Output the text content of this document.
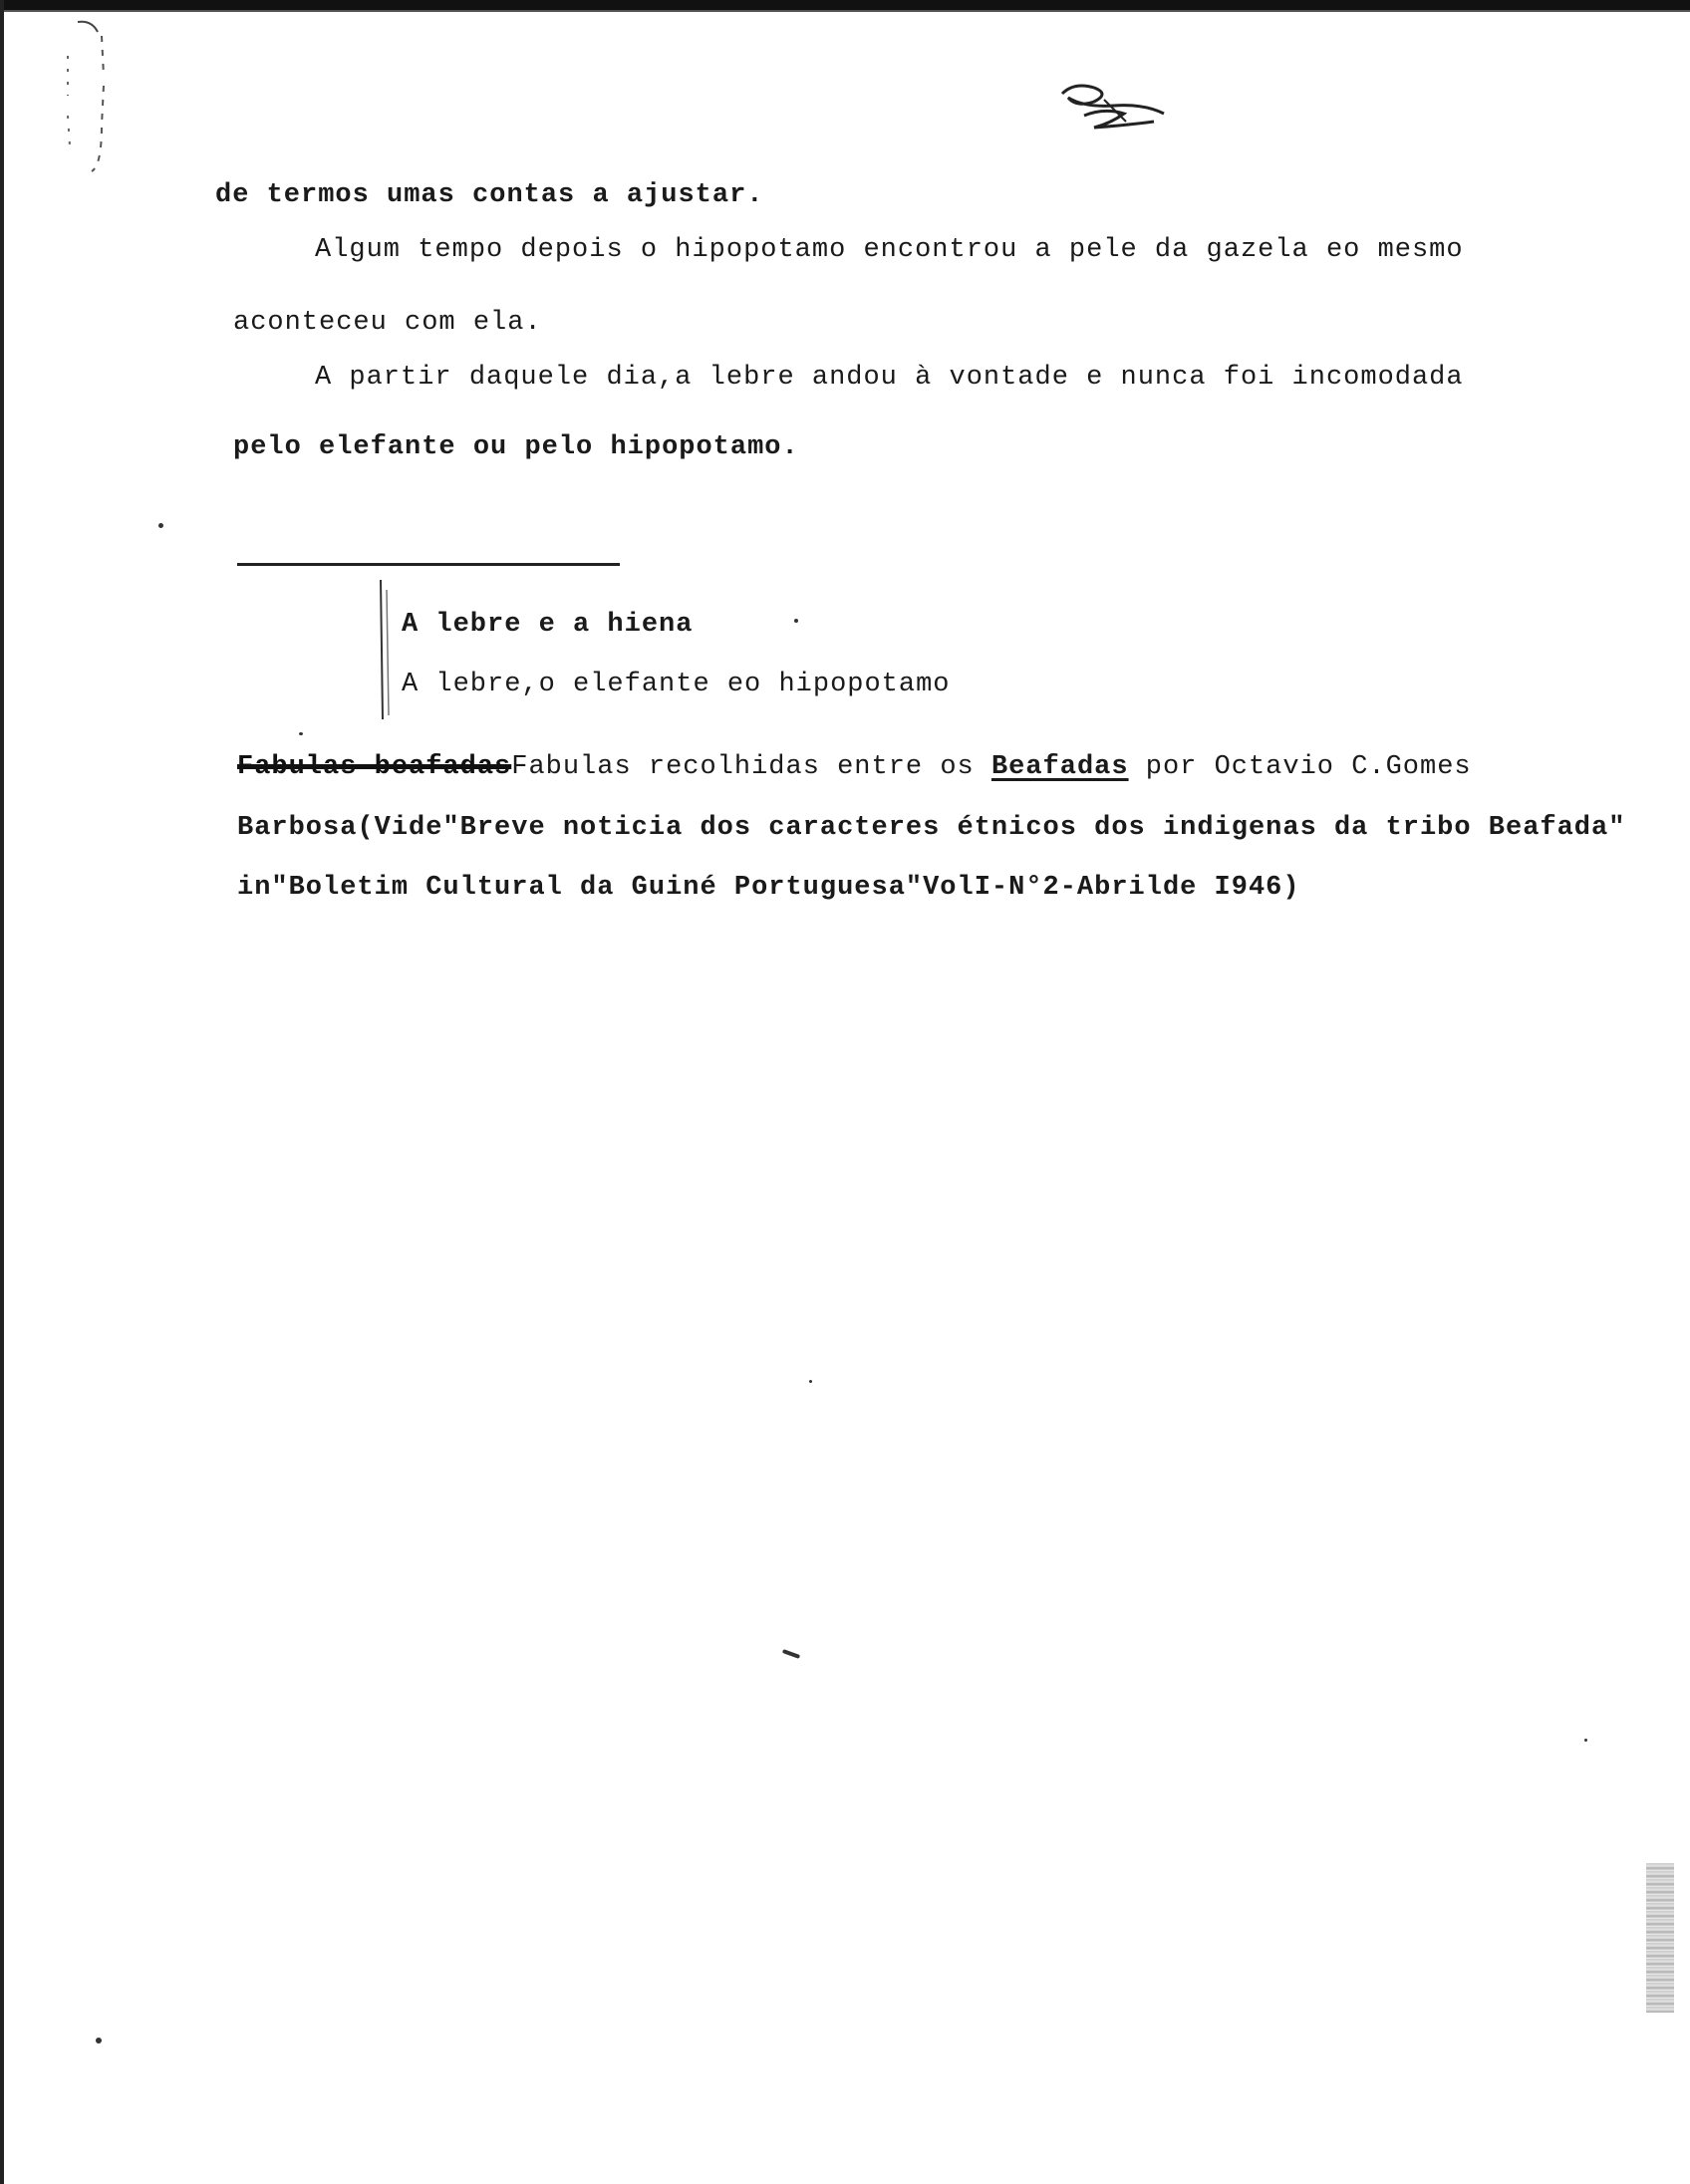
de termos umas contas a ajustar.
Algum tempo depois o hipopotamo encontrou a pele da gazela eo mesmo
aconteceu com ela.
A partir daquele dia,a lebre andou à vontade e nunca foi incomodada
pelo elefante ou pelo hipopotamo.
A lebre e a hiena
A lebre,o elefante eo hipopotamo
Fabulas beafadasFabulas recolhidas entre os Beafadas por Octavio C.Gomes
Barbosa(Vide"Breve noticia dos caracteres étnicos dos indigenas da tribo Beafada"
in"Boletim Cultural da Guiné Portuguesa"VolI-N°2-Abrilde I946)
